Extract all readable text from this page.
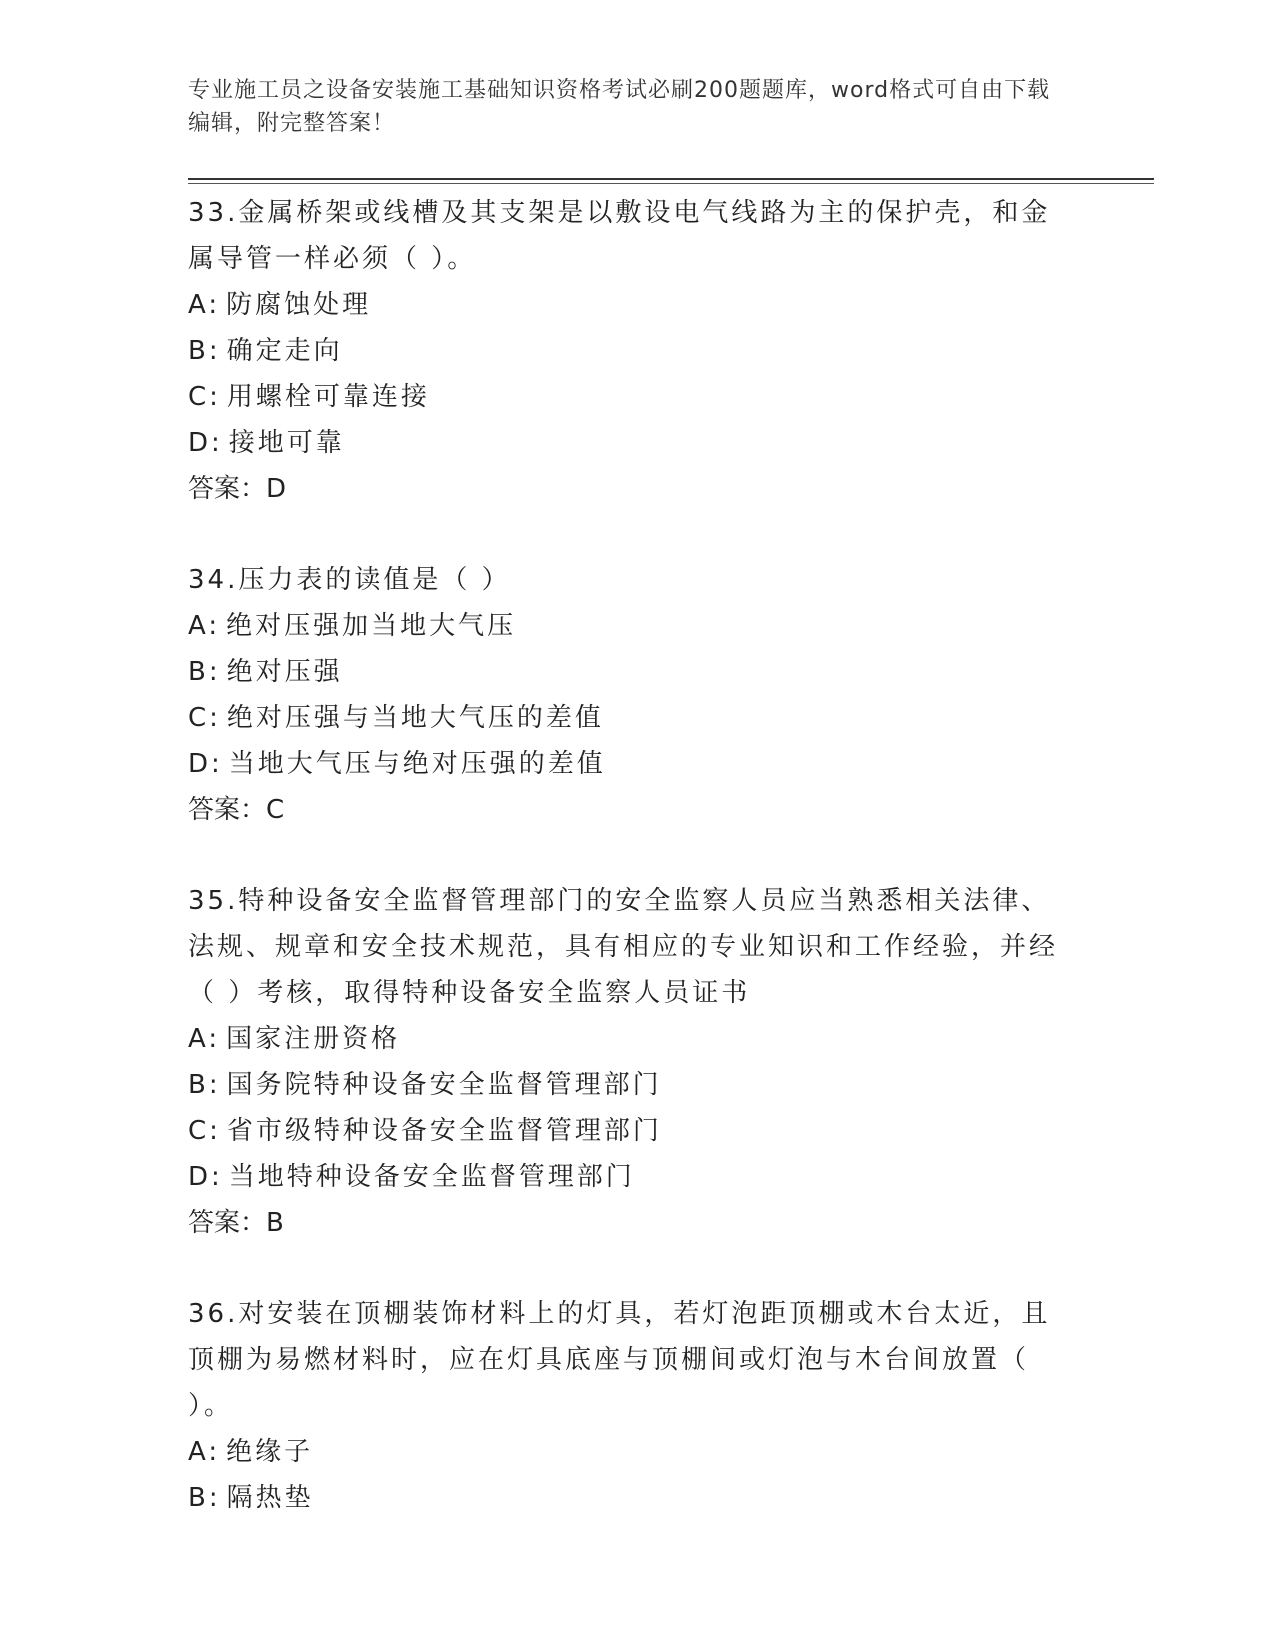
专业施工员之设备安装施工基础知识资格考试必刷200题题库，word格式可自由下载编辑，附完整答案！

33.金属桥架或线槽及其支架是以敷设电气线路为主的保护壳，和金属导管一样必须（ ）。

A: 防腐蚀处理

B: 确定走向

C: 用螺栓可靠连接

D: 接地可靠

答案：D

34.压力表的读值是（ ）

A: 绝对压强加当地大气压

B: 绝对压强

C: 绝对压强与当地大气压的差值

D: 当地大气压与绝对压强的差值

答案：C

35.特种设备安全监督管理部门的安全监察人员应当熟悉相关法律、法规、规章和安全技术规范，具有相应的专业知识和工作经验，并经（ ）考核，取得特种设备安全监察人员证书

A: 国家注册资格

B: 国务院特种设备安全监督管理部门

C: 省市级特种设备安全监督管理部门

D: 当地特种设备安全监督管理部门

答案：B

36.对安装在顶棚装饰材料上的灯具，若灯泡距顶棚或木台太近，且顶棚为易燃材料时，应在灯具底座与顶棚间或灯泡与木台间放置（ ）。

A: 绝缘子

B: 隔热垫
